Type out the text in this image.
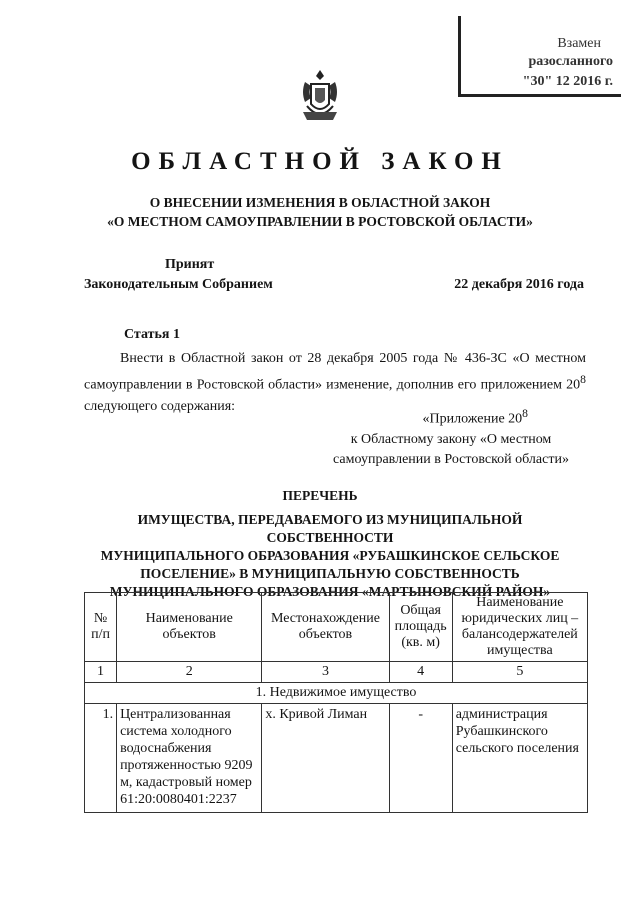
Взамен
разосланного
"30" 12 2016 г.
ОБЛАСТНОЙ ЗАКОН
О ВНЕСЕНИИ ИЗМЕНЕНИЯ В ОБЛАСТНОЙ ЗАКОН
«О МЕСТНОМ САМОУПРАВЛЕНИИ В РОСТОВСКОЙ ОБЛАСТИ»
Принят
Законодательным Собранием	22 декабря 2016 года
Статья 1
Внести в Областной закон от 28 декабря 2005 года № 436-ЗС «О местном самоуправлении в Ростовской области» изменение, дополнив его приложением $20^8$ следующего содержания:
«Приложение $20^8$
к Областному закону «О местном
самоуправлении в Ростовской области»
ПЕРЕЧЕНЬ
ИМУЩЕСТВА, ПЕРЕДАВАЕМОГО ИЗ МУНИЦИПАЛЬНОЙ СОБСТВЕННОСТИ
МУНИЦИПАЛЬНОГО ОБРАЗОВАНИЯ «РУБАШКИНСКОЕ СЕЛЬСКОЕ
ПОСЕЛЕНИЕ» В МУНИЦИПАЛЬНУЮ СОБСТВЕННОСТЬ
МУНИЦИПАЛЬНОГО ОБРАЗОВАНИЯ «МАРТЫНОВСКИЙ РАЙОН»
№ п/п	Наименование объектов	Местонахождение объектов	Общая площадь (кв. м)	Наименование юридических лиц – балансодержателей имущества
1	2	3	4	5
1. Недвижимое имущество				
1.	Централизованная система холодного водоснабжения протяженностью 9209 м, кадастровый номер 61:20:0080401:2237	х. Кривой Лиман	-	администрация Рубашкинского сельского поселения
